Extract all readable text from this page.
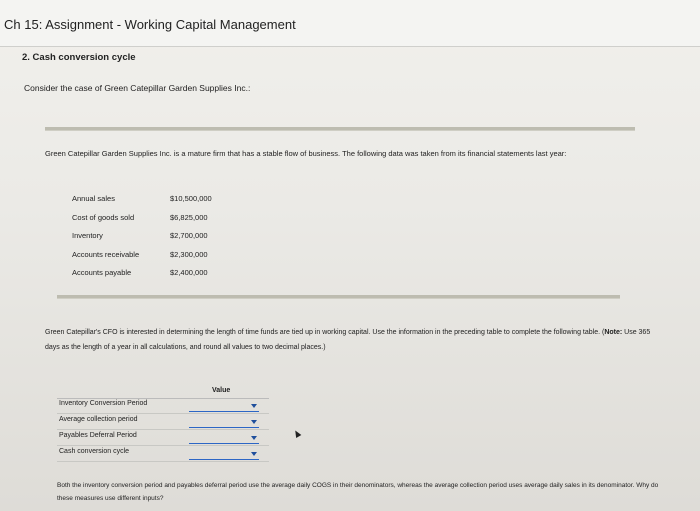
Ch 15: Assignment - Working Capital Management
2. Cash conversion cycle
Consider the case of Green Catepillar Garden Supplies Inc.:
Green Catepillar Garden Supplies Inc. is a mature firm that has a stable flow of business. The following data was taken from its financial statements last year:
Annual sales	$10,500,000
Cost of goods sold	$6,825,000
Inventory	$2,700,000
Accounts receivable	$2,300,000
Accounts payable	$2,400,000
Green Catepillar's CFO is interested in determining the length of time funds are tied up in working capital. Use the information in the preceding table to complete the following table. (Note: Use 365 days as the length of a year in all calculations, and round all values to two decimal places.)
Value
Inventory Conversion Period
Average collection period
Payables Deferral Period
Cash conversion cycle
Both the inventory conversion period and payables deferral period use the average daily COGS in their denominators, whereas the average collection period uses average daily sales in its denominator. Why do these measures use different inputs?
